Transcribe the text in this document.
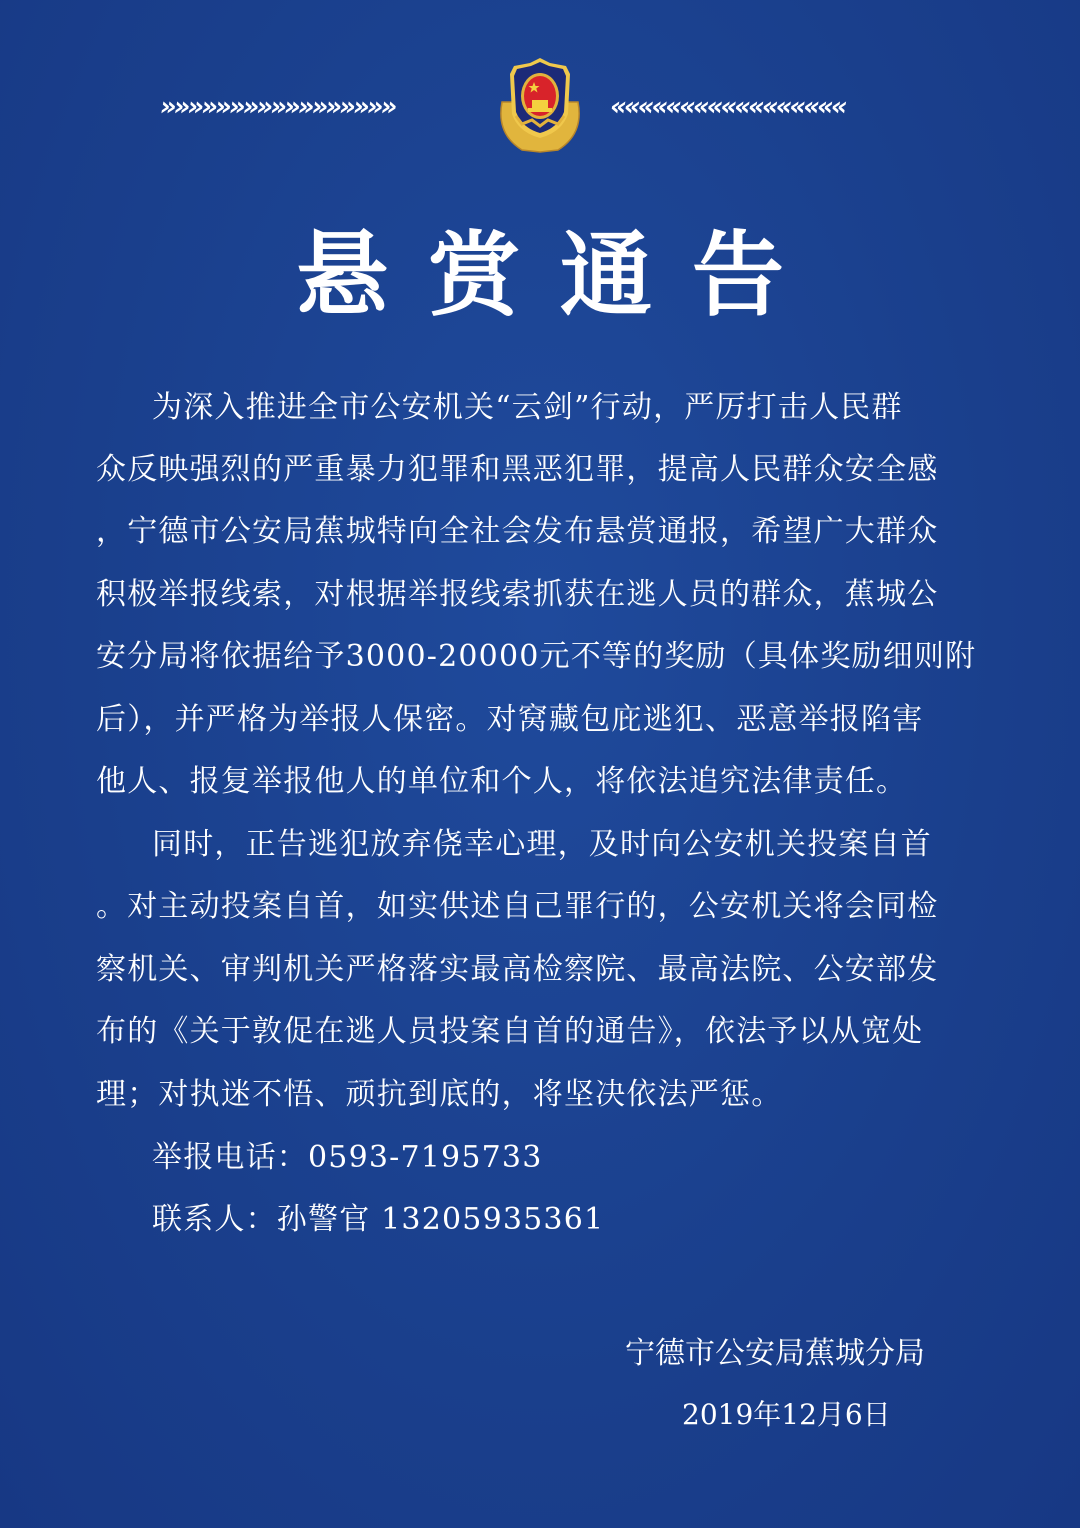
»»»»»»»»»»»»»»»»»	«««««««««««««««««
悬赏通告
为深入推进全市公安机关“云剑”行动，严厉打击人民群
众反映强烈的严重暴力犯罪和黑恶犯罪，提高人民群众安全感
，宁德市公安局蕉城特向全社会发布悬赏通报，希望广大群众
积极举报线索，对根据举报线索抓获在逃人员的群众，蕉城公
安分局将依据给予3000-20000元不等的奖励（具体奖励细则附
后），并严格为举报人保密。对窝藏包庇逃犯、恶意举报陷害
他人、报复举报他人的单位和个人，将依法追究法律责任。
同时，正告逃犯放弃侥幸心理，及时向公安机关投案自首
。对主动投案自首，如实供述自己罪行的，公安机关将会同检
察机关、审判机关严格落实最高检察院、最高法院、公安部发
布的《关于敦促在逃人员投案自首的通告》，依法予以从宽处
理；对执迷不悟、顽抗到底的，将坚决依法严惩。
举报电话：0593-7195733
联系人：孙警官 13205935361
宁德市公安局蕉城分局
2019年12月6日
